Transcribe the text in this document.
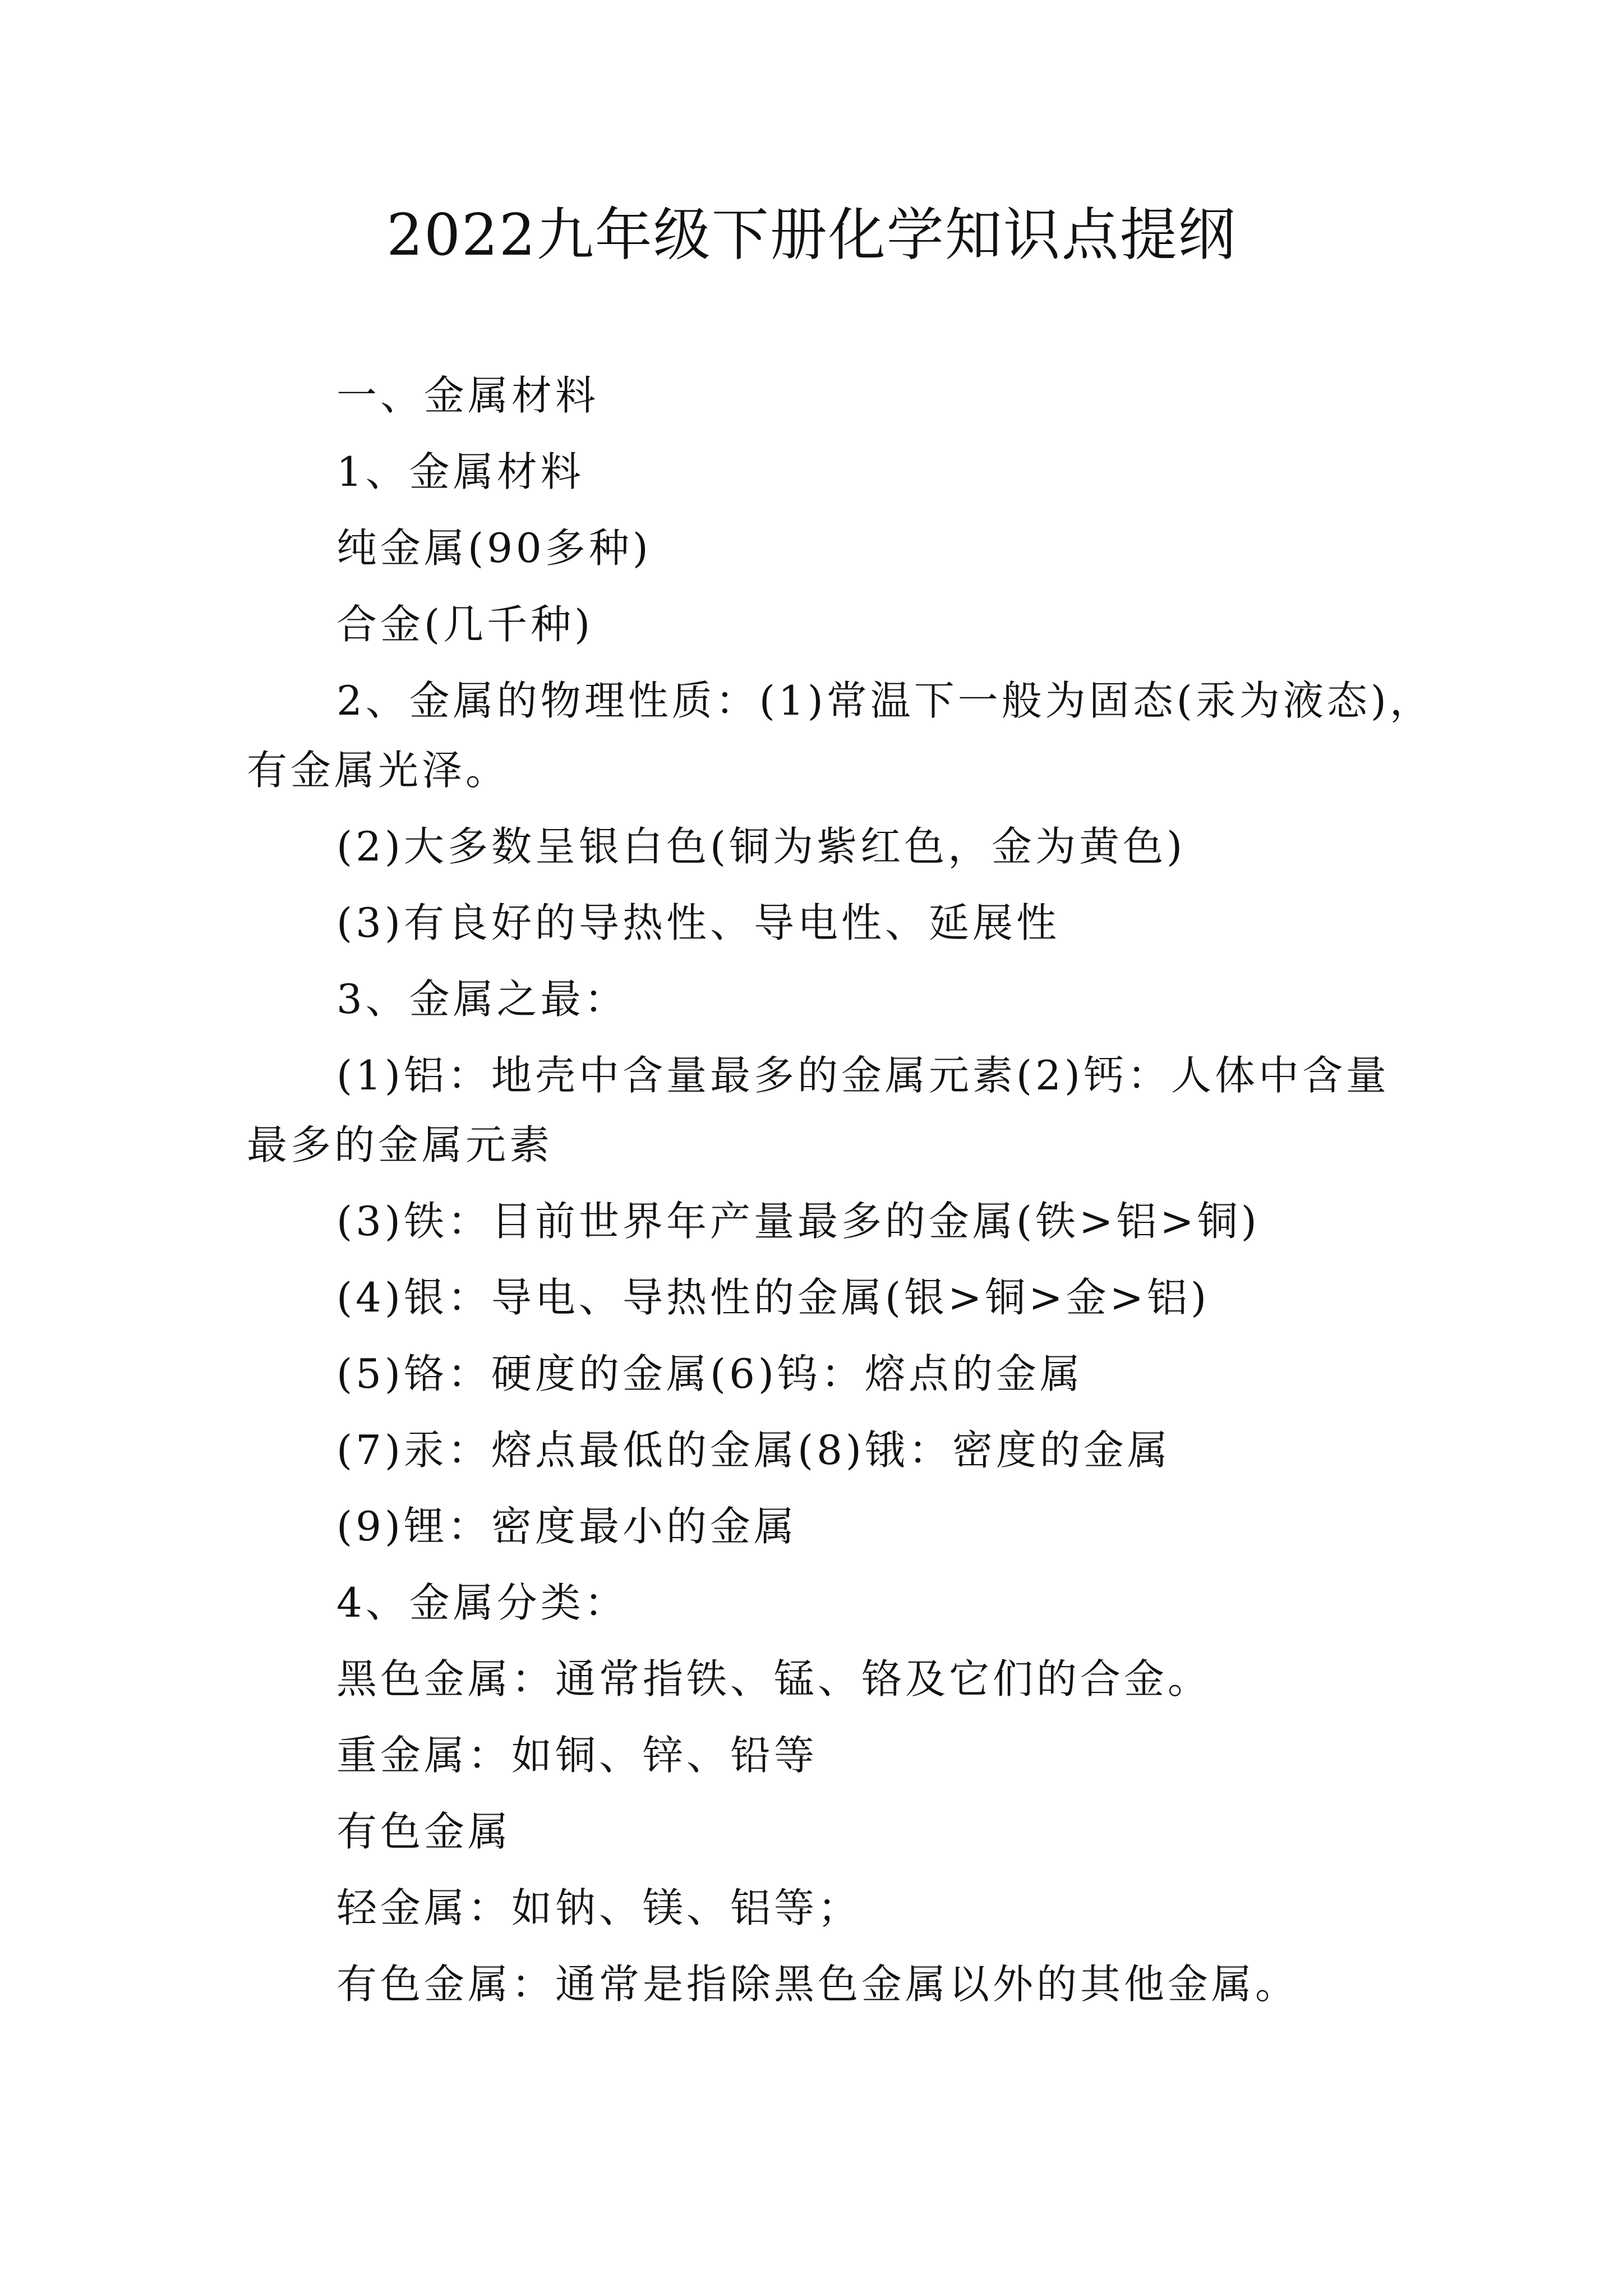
2022九年级下册化学知识点提纲
一、金属材料
1、金属材料
纯金属(90多种)
合金(几千种)
2、金属的物理性质：(1)常温下一般为固态(汞为液态)，
有金属光泽。
(2)大多数呈银白色(铜为紫红色，金为黄色)
(3)有良好的导热性、导电性、延展性
3、金属之最：
(1)铝：地壳中含量最多的金属元素(2)钙：人体中含量
最多的金属元素
(3)铁：目前世界年产量最多的金属(铁>铝>铜)
(4)银：导电、导热性的金属(银>铜>金>铝)
(5)铬：硬度的金属(6)钨：熔点的金属
(7)汞：熔点最低的金属(8)锇：密度的金属
(9)锂：密度最小的金属
4、金属分类：
黑色金属：通常指铁、锰、铬及它们的合金。
重金属：如铜、锌、铅等
有色金属
轻金属：如钠、镁、铝等；
有色金属：通常是指除黑色金属以外的其他金属。
